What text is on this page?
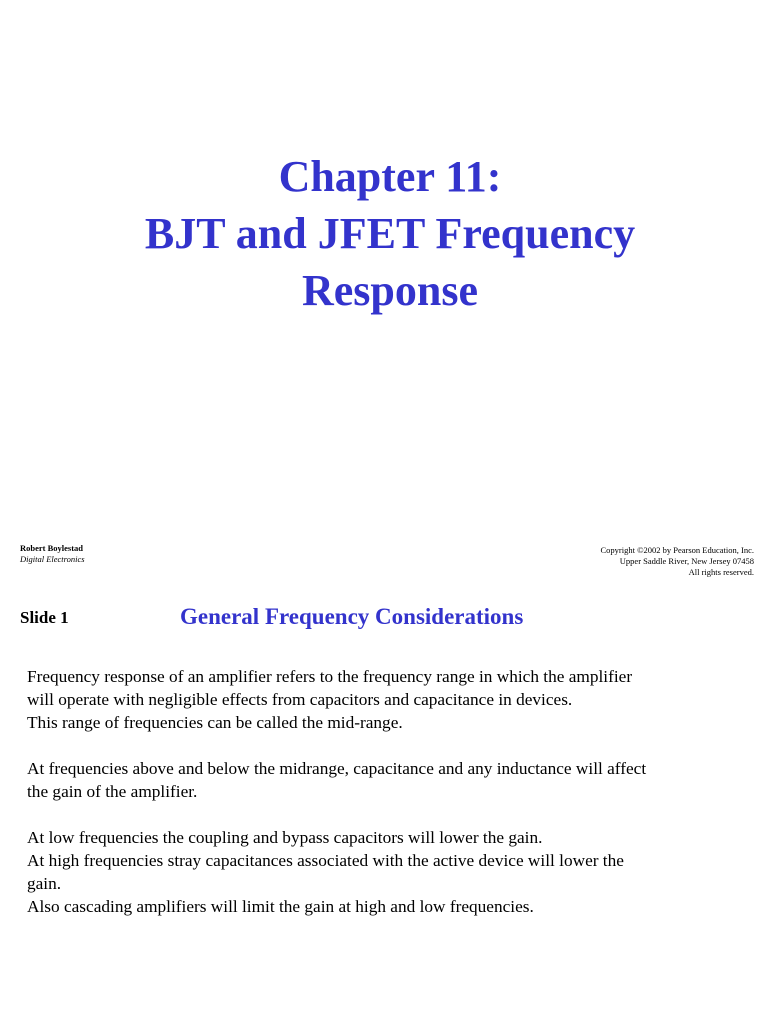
Chapter 11:
BJT and JFET Frequency
Response
Robert Boylestad
Digital Electronics
Copyright ©2002 by Pearson Education, Inc.
Upper Saddle River, New Jersey 07458
All rights reserved.
Slide 1	General Frequency Considerations

Frequency response of an amplifier refers to the frequency range in which the amplifier
will operate with negligible effects from capacitors and capacitance in devices.
This range of frequencies can be called the mid-range.

At frequencies above and below the midrange, capacitance and any inductance will affect
the gain of the amplifier.

At low frequencies the coupling and bypass capacitors will lower the gain.
At high frequencies stray capacitances associated with the active device will lower the
gain.
Also cascading amplifiers will limit the gain at high and low frequencies.
